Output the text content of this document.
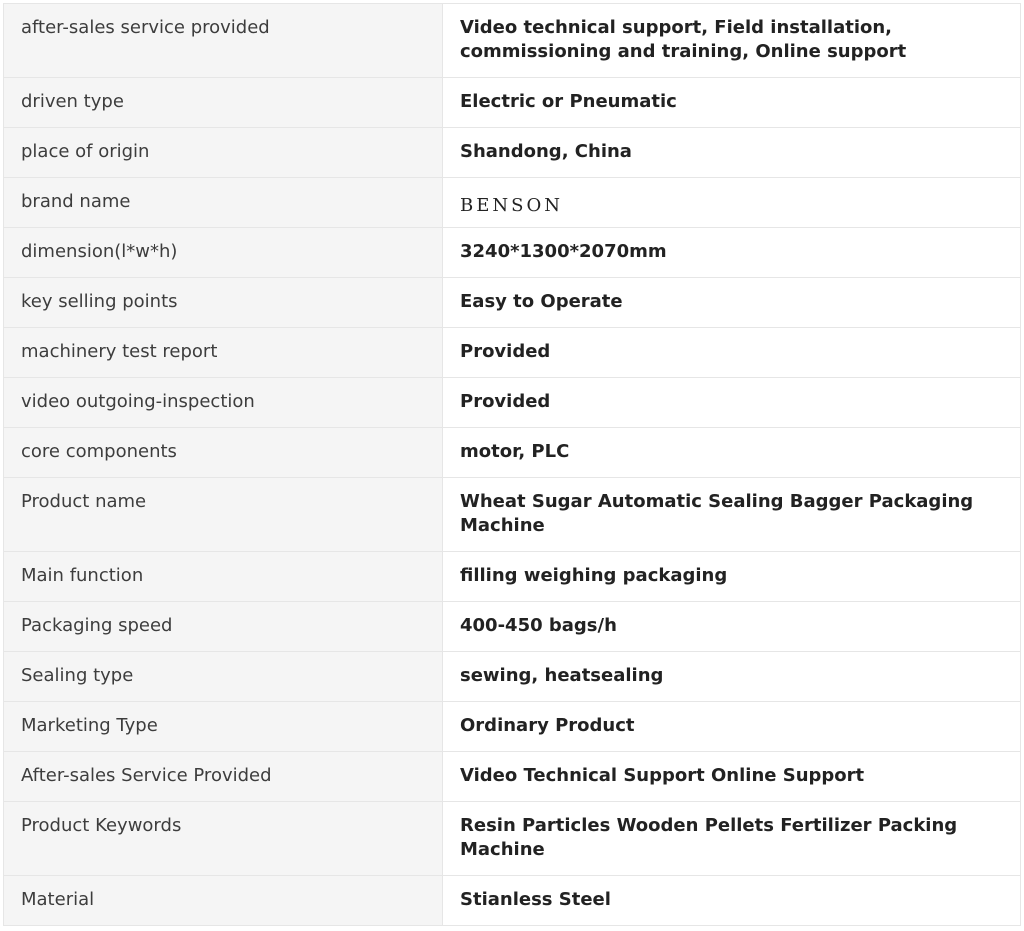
after-sales service provided	Video technical support, Field installation, commissioning and training, Online support
driven type	Electric or Pneumatic
place of origin	Shandong, China
brand name	BENSON
dimension(l*w*h)	3240*1300*2070mm
key selling points	Easy to Operate
machinery test report	Provided
video outgoing-inspection	Provided
core components	motor, PLC
Product name	Wheat Sugar Automatic Sealing Bagger Packaging Machine
Main function	filling weighing packaging
Packaging speed	400-450 bags/h
Sealing type	sewing, heatsealing
Marketing Type	Ordinary Product
After-sales Service Provided	Video Technical Support Online Support
Product Keywords	Resin Particles Wooden Pellets Fertilizer Packing Machine
Material	Stianless Steel
